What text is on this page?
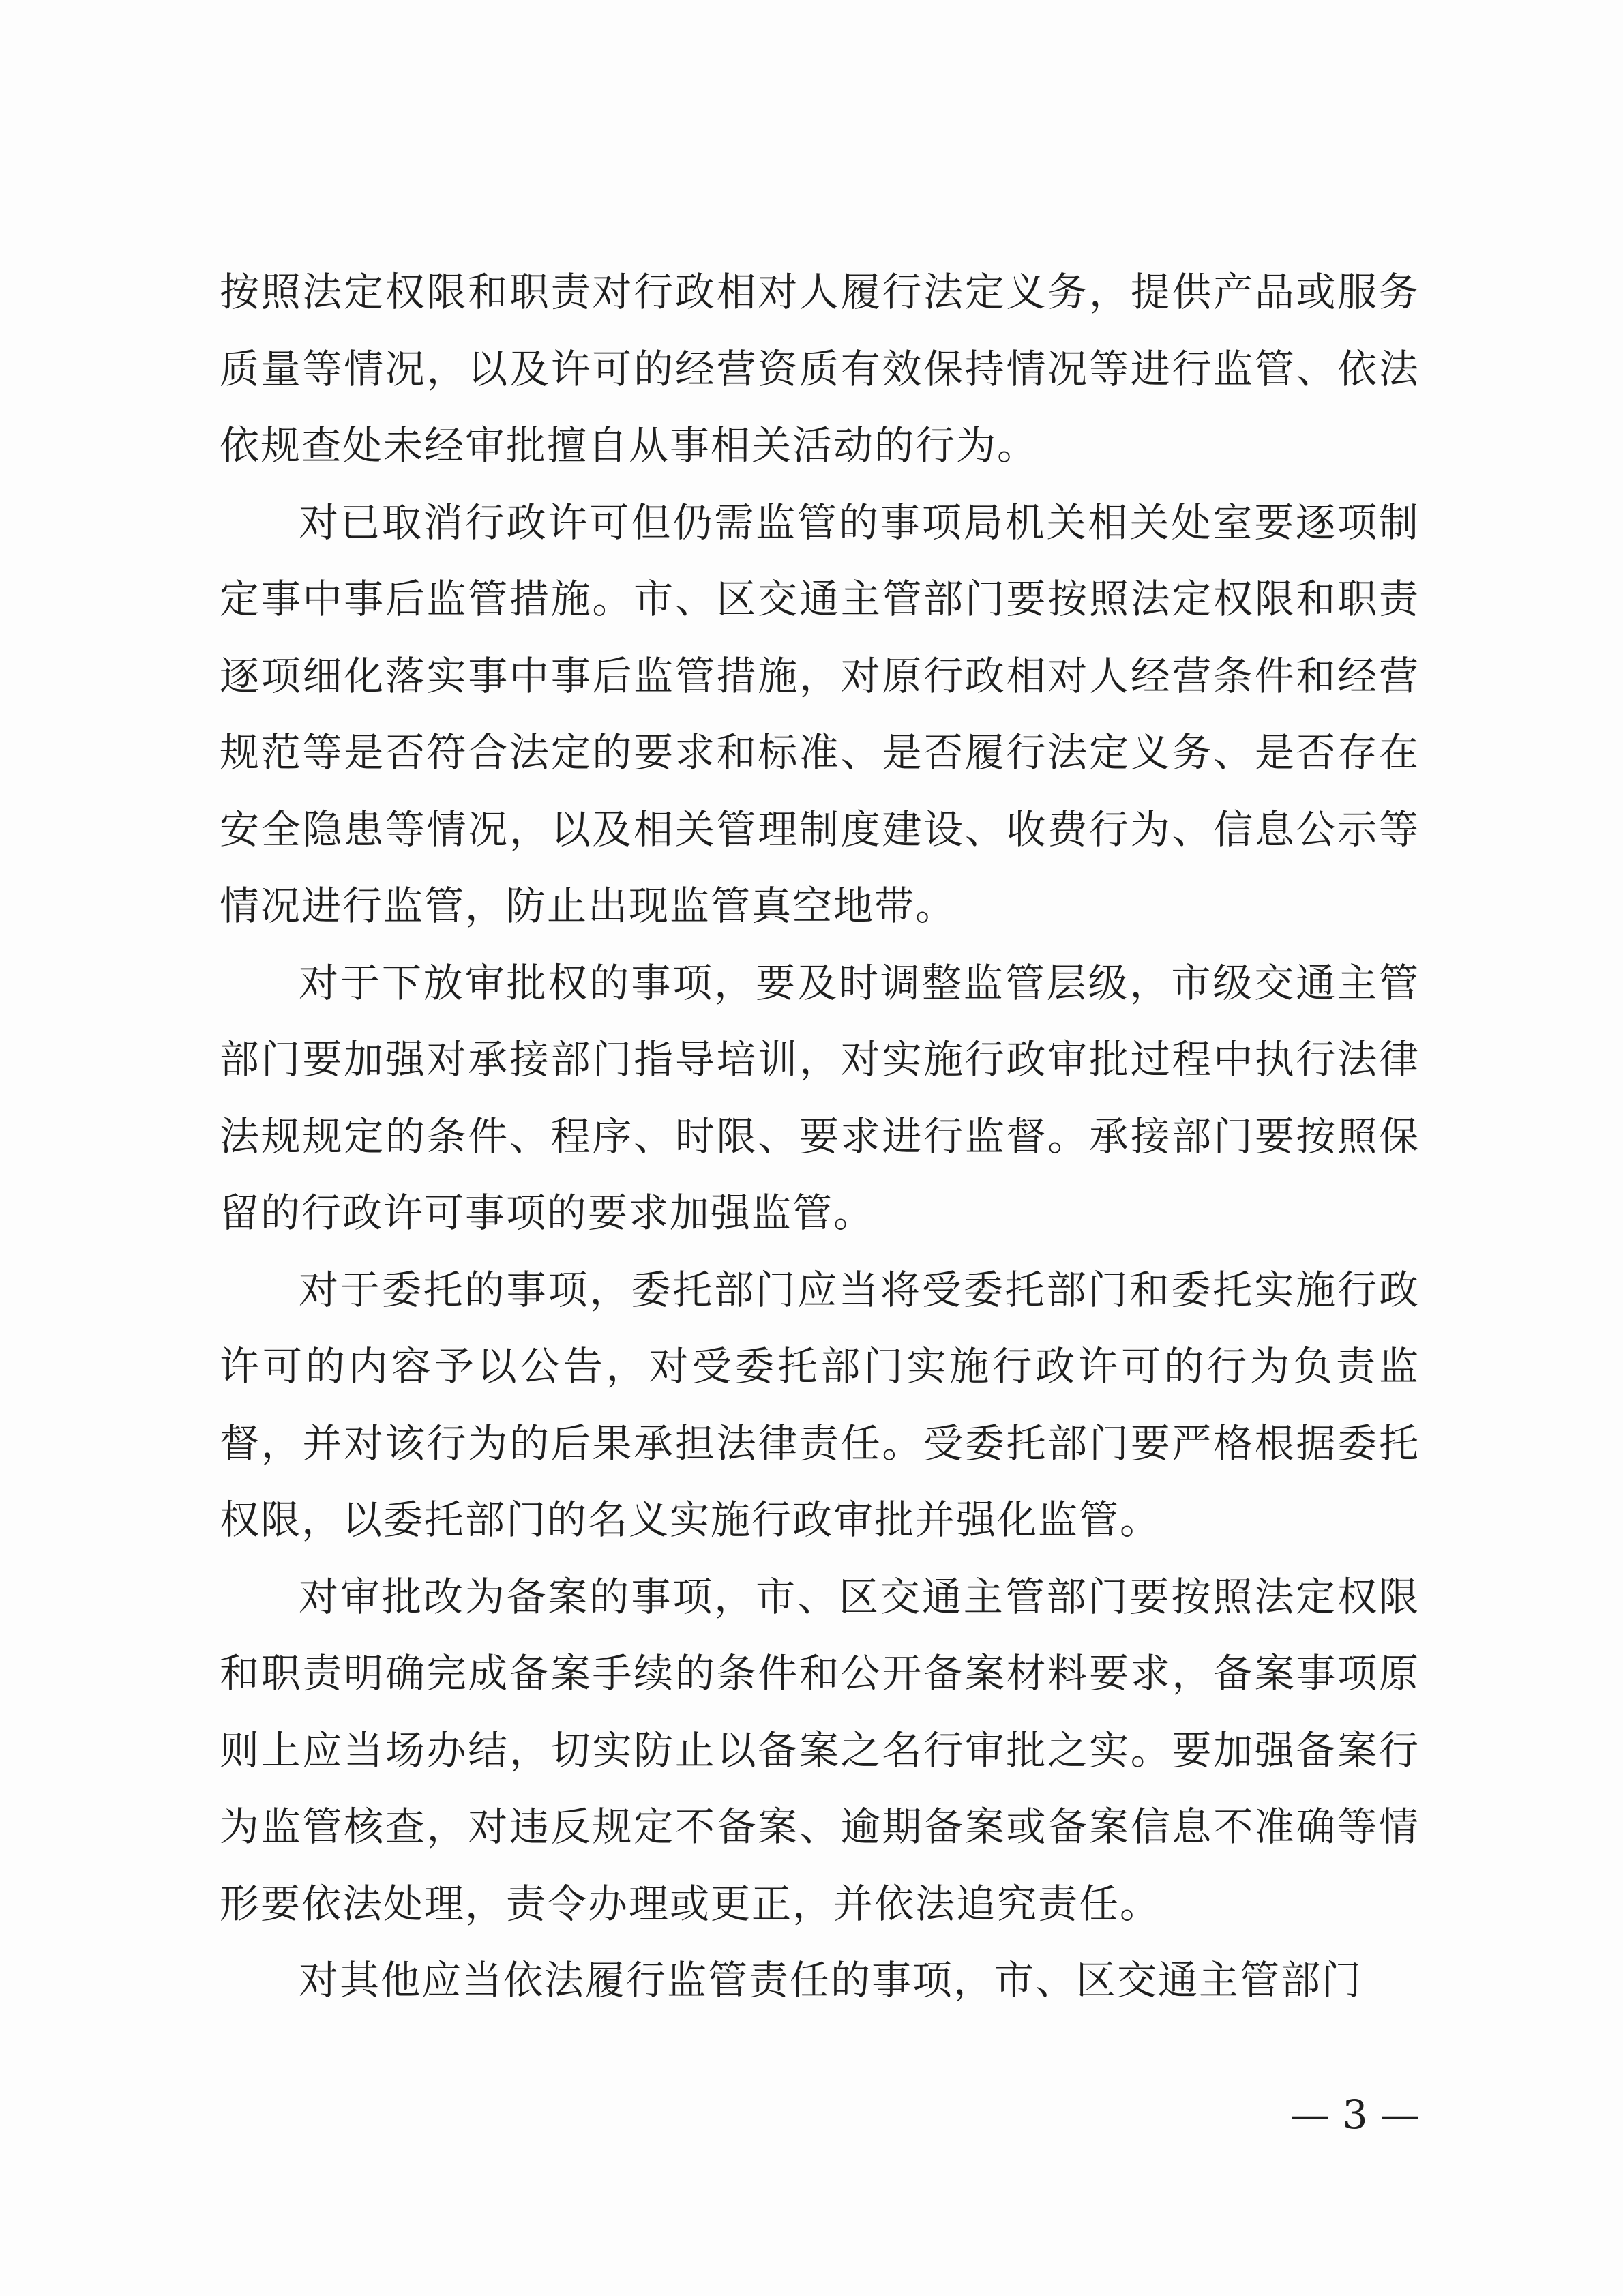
按照法定权限和职责对行政相对人履行法定义务，提供产品或服务质量等情况，以及许可的经营资质有效保持情况等进行监管、依法依规查处未经审批擅自从事相关活动的行为。

对已取消行政许可但仍需监管的事项局机关相关处室要逐项制定事中事后监管措施。市、区交通主管部门要按照法定权限和职责逐项细化落实事中事后监管措施，对原行政相对人经营条件和经营规范等是否符合法定的要求和标准、是否履行法定义务、是否存在安全隐患等情况，以及相关管理制度建设、收费行为、信息公示等情况进行监管，防止出现监管真空地带。

对于下放审批权的事项，要及时调整监管层级，市级交通主管部门要加强对承接部门指导培训，对实施行政审批过程中执行法律法规规定的条件、程序、时限、要求进行监督。承接部门要按照保留的行政许可事项的要求加强监管。

对于委托的事项，委托部门应当将受委托部门和委托实施行政许可的内容予以公告，对受委托部门实施行政许可的行为负责监督，并对该行为的后果承担法律责任。受委托部门要严格根据委托权限，以委托部门的名义实施行政审批并强化监管。

对审批改为备案的事项，市、区交通主管部门要按照法定权限和职责明确完成备案手续的条件和公开备案材料要求，备案事项原则上应当场办结，切实防止以备案之名行审批之实。要加强备案行为监管核查，对违反规定不备案、逾期备案或备案信息不准确等情形要依法处理，责令办理或更正，并依法追究责任。

对其他应当依法履行监管责任的事项，市、区交通主管部门

— 3 —
